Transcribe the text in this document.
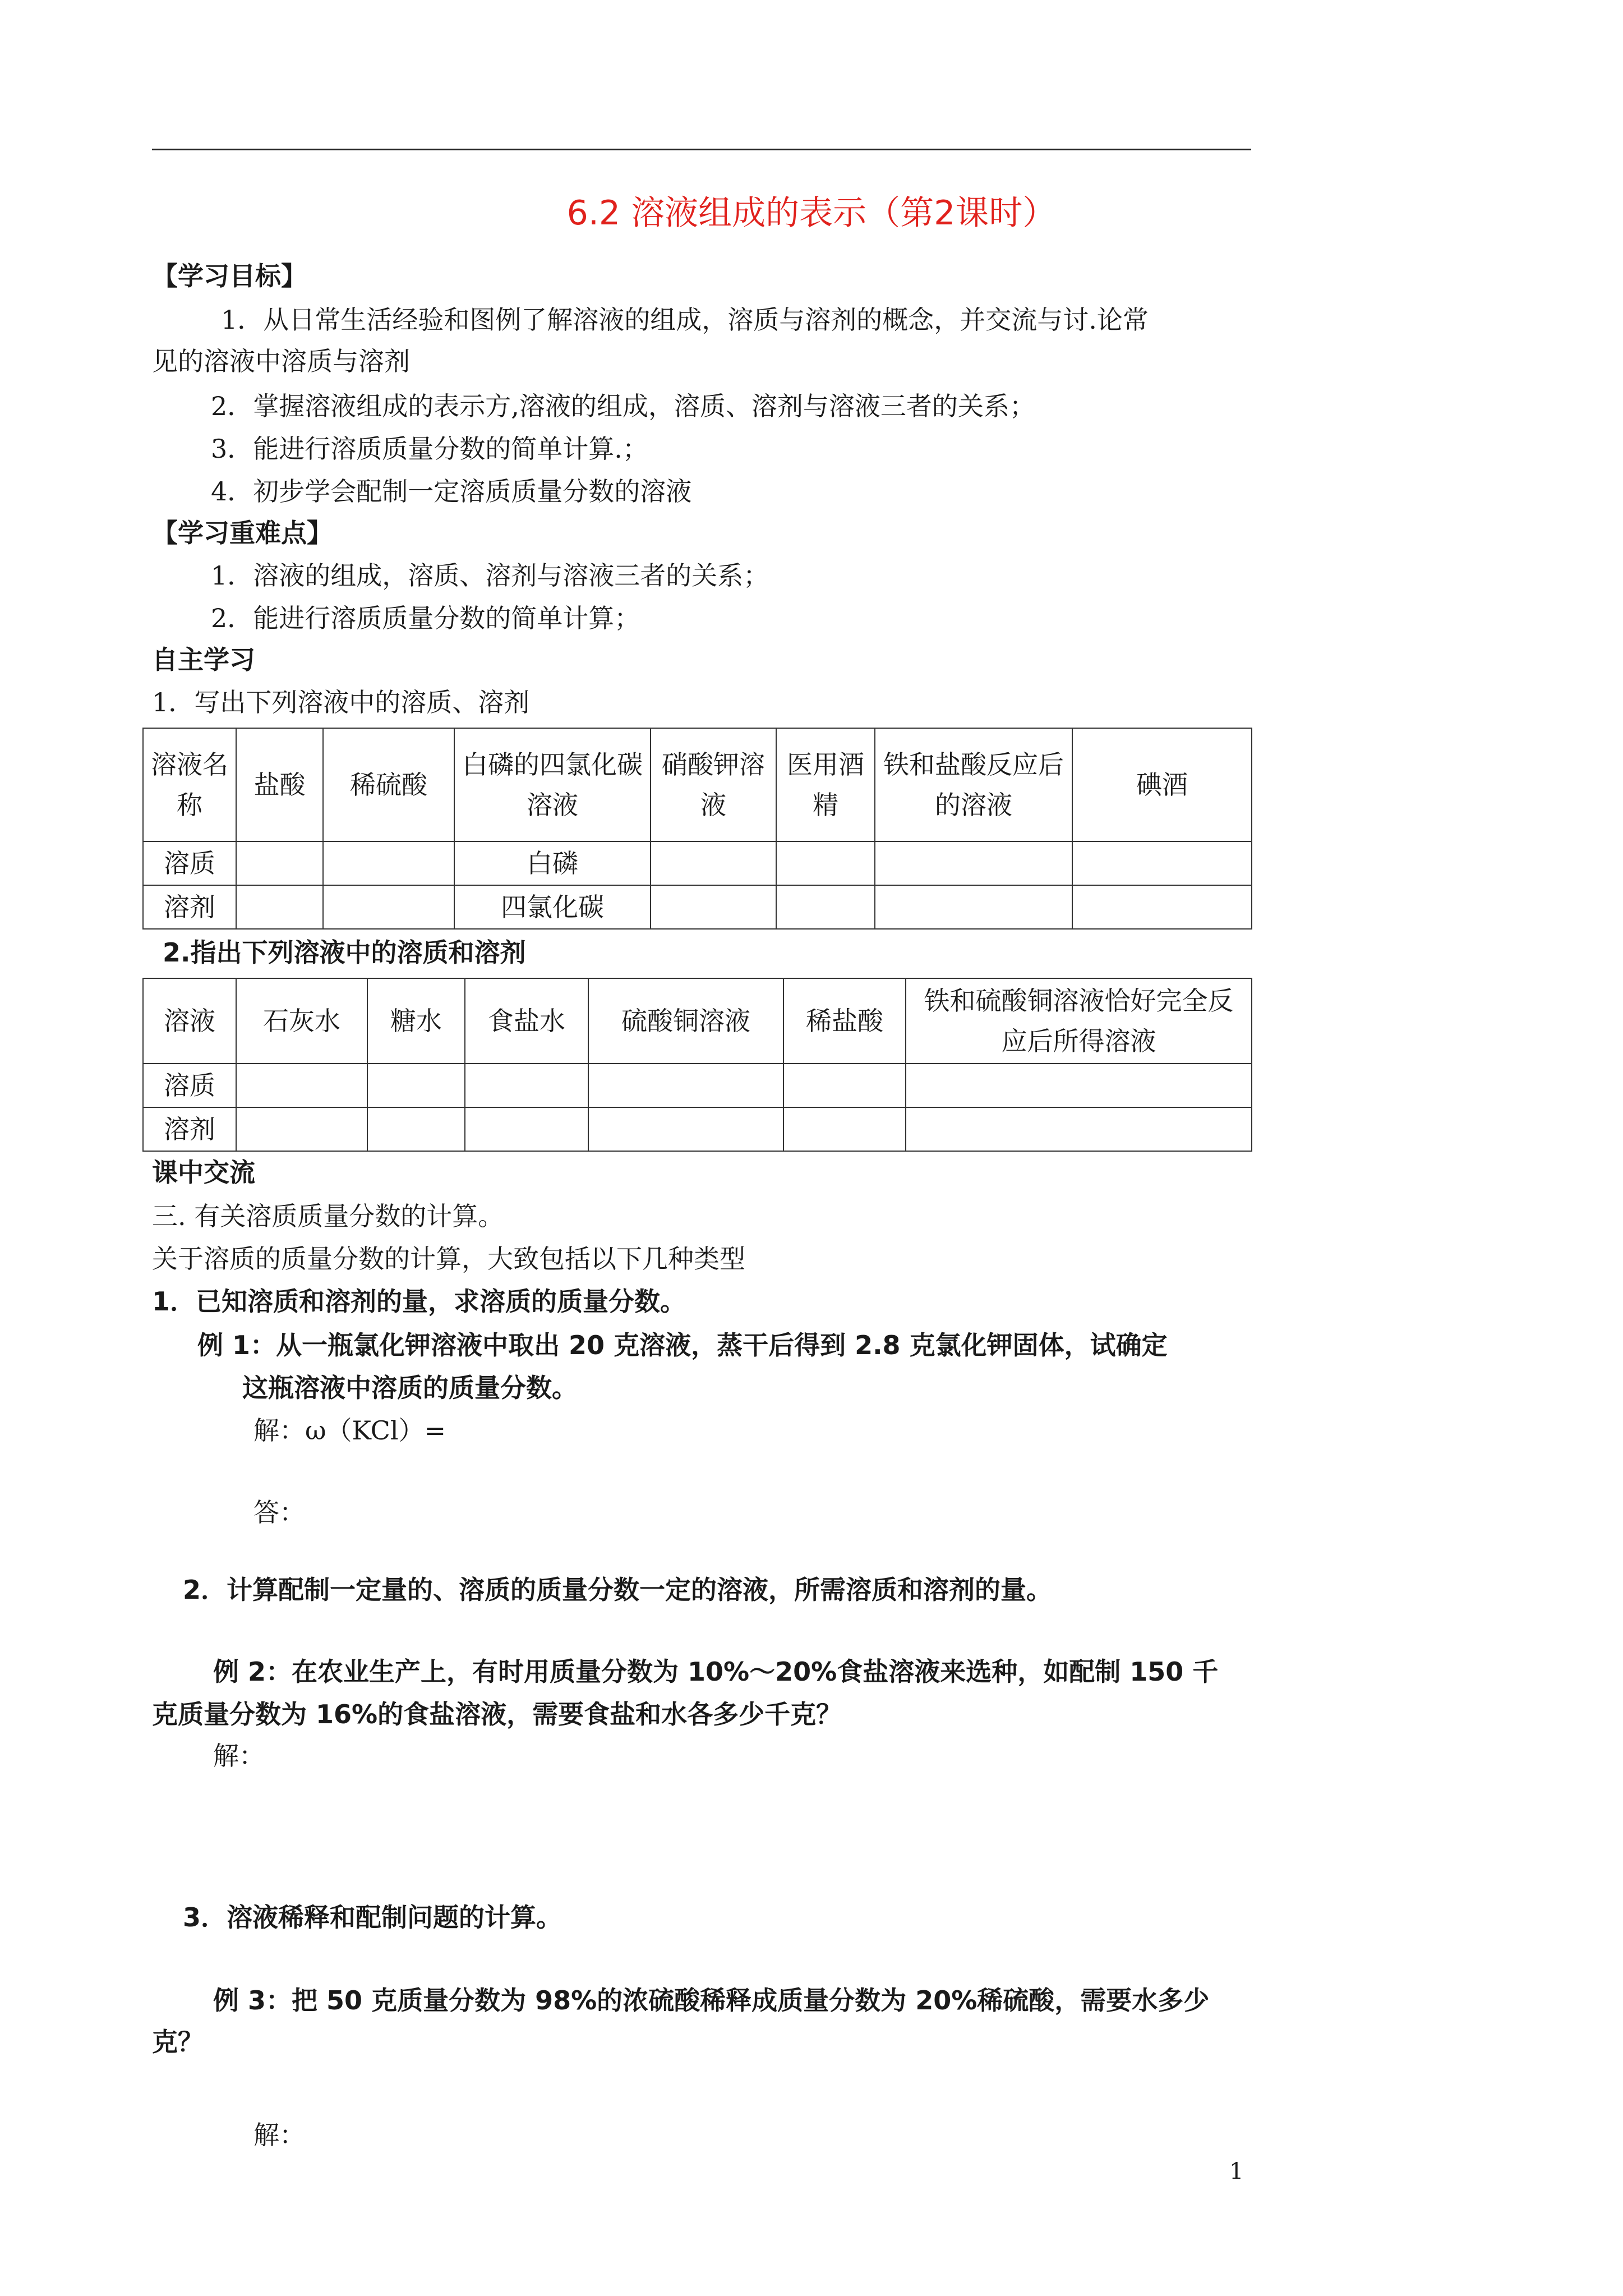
6.2 溶液组成的表示（第2课时）
【学习目标】
1．从日常生活经验和图例了解溶液的组成，溶质与溶剂的概念，并交流与讨.论常
见的溶液中溶质与溶剂
2．掌握溶液组成的表示方,溶液的组成，溶质、溶剂与溶液三者的关系；
3．能进行溶质质量分数的简单计算.；
4．初步学会配制一定溶质质量分数的溶液
【学习重难点】
1．溶液的组成，溶质、溶剂与溶液三者的关系；
2．能进行溶质质量分数的简单计算；
自主学习
1．写出下列溶液中的溶质、溶剂
溶液名称	盐酸	稀硫酸	白磷的四氯化碳溶液	硝酸钾溶液	医用酒精	铁和盐酸反应后的溶液	碘酒
溶质			白磷				
溶剂			四氯化碳				
2.指出下列溶液中的溶质和溶剂
溶液	石灰水	糖水	食盐水	硫酸铜溶液	稀盐酸	铁和硫酸铜溶液恰好完全反应后所得溶液
溶质						
溶剂						
课中交流
三. 有关溶质质量分数的计算。
关于溶质的质量分数的计算，大致包括以下几种类型
1．已知溶质和溶剂的量，求溶质的质量分数。
例 1：从一瓶氯化钾溶液中取出 20 克溶液，蒸干后得到 2.8 克氯化钾固体，试确定
这瓶溶液中溶质的质量分数。
解：ω（KCl）=
答：
2．计算配制一定量的、溶质的质量分数一定的溶液，所需溶质和溶剂的量。
例 2：在农业生产上，有时用质量分数为 10%～20%食盐溶液来选种，如配制 150 千
克质量分数为 16%的食盐溶液，需要食盐和水各多少千克？
解：
3．溶液稀释和配制问题的计算。
例 3：把 50 克质量分数为 98%的浓硫酸稀释成质量分数为 20%稀硫酸，需要水多少
克？
解：
1
